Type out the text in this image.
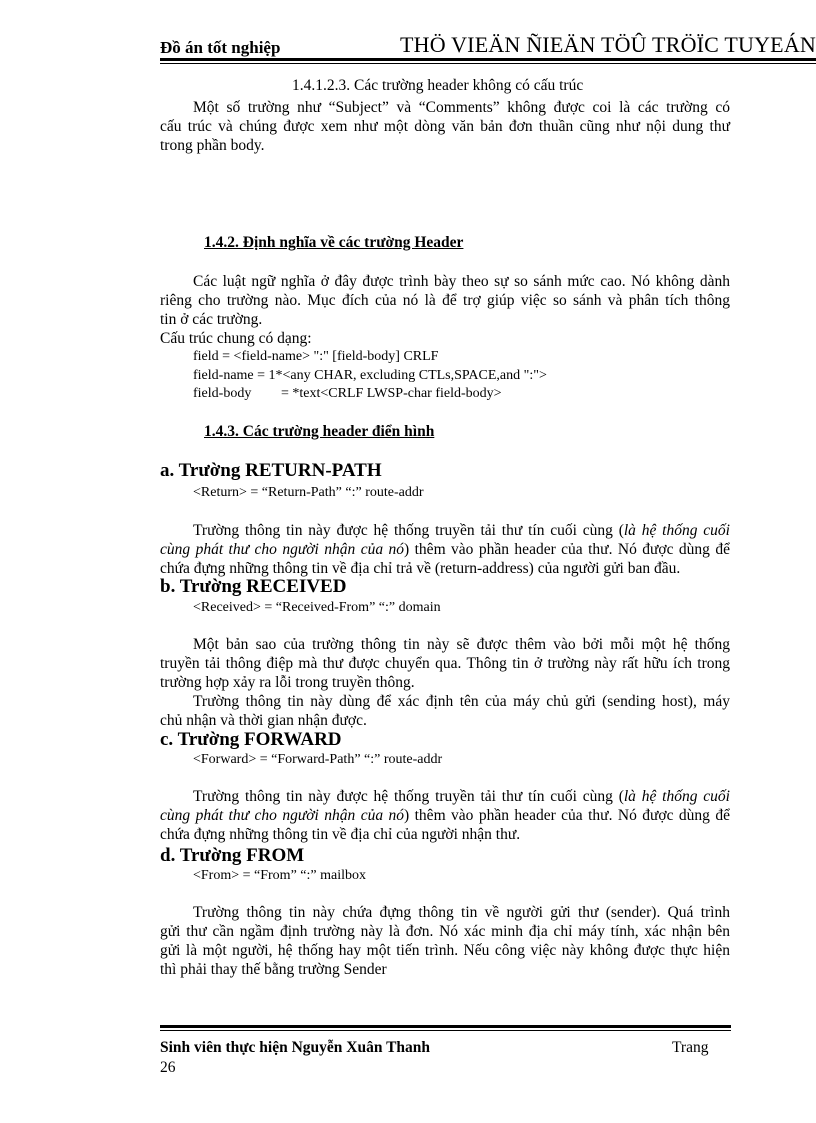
Đồ án tốt nghiệp	THÖ VIEÄN ÑIEÄN TÖÛ TRÖÏC TUYEÁN
1.4.1.2.3. Các trường header không có cấu trúc
Một số trường như “Subject” và “Comments” không được coi là các trường có
cấu trúc và chúng được xem như một dòng văn bản đơn thuần cũng như nội dung thư
trong phần body.
1.4.2. Định nghĩa về các trường Header
Các luật ngữ nghĩa ở đây được trình bày theo sự so sánh mức cao. Nó không dành
riêng cho trường nào. Mục đích của nó là để trợ giúp việc so sánh và phân tích thông
tin ở các trường.
Cấu trúc chung có dạng:
field = <field-name> ":" [field-body] CRLF
field-name = 1*<any CHAR, excluding CTLs,SPACE,and ":">
field-body = *text<CRLF LWSP-char field-body>
1.4.3. Các trường header điển hình
a. Trường RETURN-PATH
<Return> = “Return-Path” “:” route-addr
Trường thông tin này được hệ thống truyền tải thư tín cuối cùng (là hệ thống cuối
cùng phát thư cho người nhận của nó) thêm vào phần header của thư. Nó được dùng để
chứa đựng những thông tin về địa chỉ trả về (return-address) của người gửi ban đầu.
b. Trường RECEIVED
<Received> = “Received-From” “:” domain
Một bản sao của trường thông tin này sẽ được thêm vào bởi mỗi một hệ thống
truyền tải thông điệp mà thư được chuyển qua. Thông tin ở trường này rất hữu ích trong
trường hợp xảy ra lỗi trong truyền thông.
Trường thông tin này dùng để xác định tên của máy chủ gửi (sending host), máy
chủ nhận và thời gian nhận được.
c. Trường FORWARD
<Forward> = “Forward-Path” “:” route-addr
Trường thông tin này được hệ thống truyền tải thư tín cuối cùng (là hệ thống cuối
cùng phát thư cho người nhận của nó) thêm vào phần header của thư. Nó được dùng để
chứa đựng những thông tin về địa chỉ của người nhận thư.
d. Trường FROM
<From> = “From” “:” mailbox
Trường thông tin này chứa đựng thông tin về người gửi thư (sender). Quá trình
gửi thư cần ngầm định trường này là đơn. Nó xác minh địa chỉ máy tính, xác nhận bên
gửi là một người, hệ thống hay một tiến trình. Nếu công việc này không được thực hiện
thì phải thay thế bằng trường Sender
Sinh viên thực hiện Nguyễn Xuân Thanh	Trang
26
